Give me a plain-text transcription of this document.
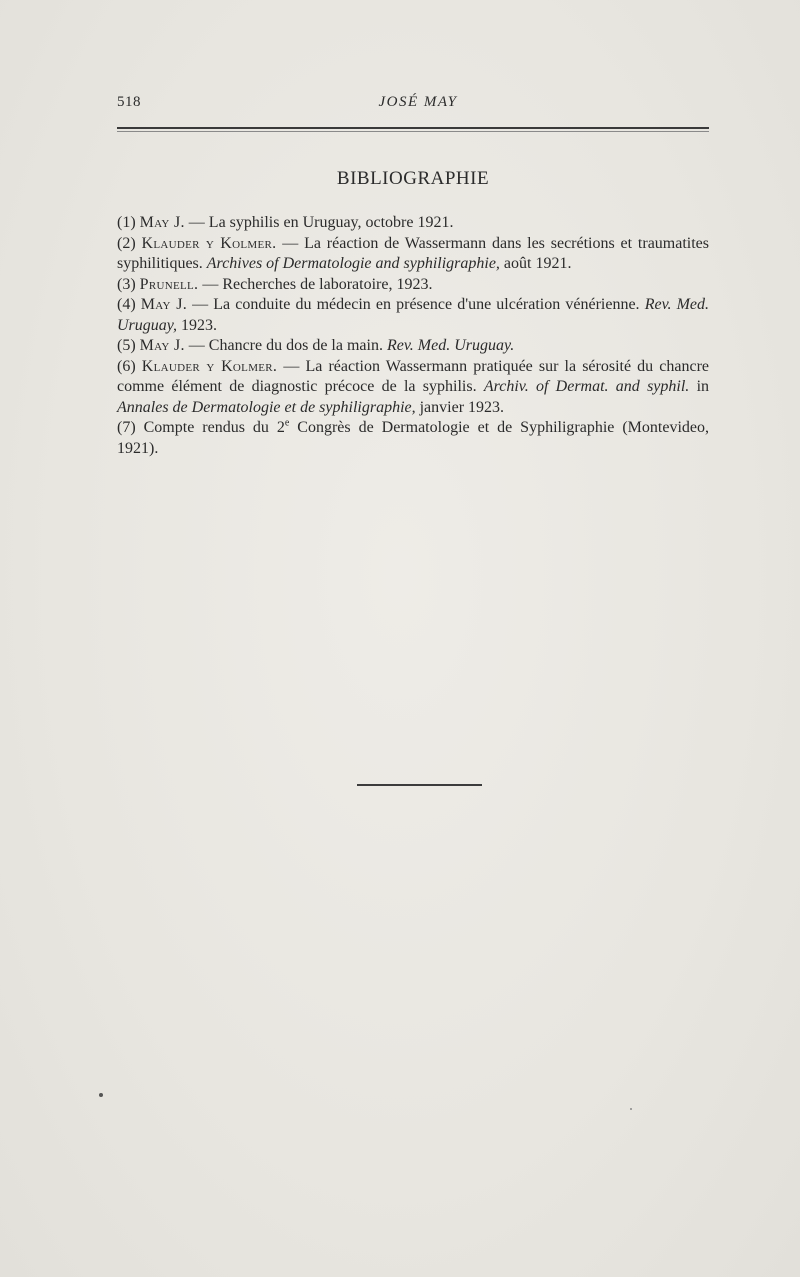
518	JOSÉ MAY
BIBLIOGRAPHIE

(1) May J. — La syphilis en Uruguay, octobre 1921.

(2) Klauder y Kolmer. — La réaction de Wassermann dans les secrétions et traumatites syphilitiques. Archives of Dermatologie and syphiligraphie, août 1921.

(3) Prunell. — Recherches de laboratoire, 1923.

(4) May J. — La conduite du médecin en présence d'une ulcération vénérienne. Rev. Med. Uruguay, 1923.

(5) May J. — Chancre du dos de la main. Rev. Med. Uruguay.

(6) Klauder y Kolmer. — La réaction Wassermann pratiquée sur la sérosité du chancre comme élément de diagnostic précoce de la syphilis. Archiv. of Dermat. and syphil. in Annales de Dermatologie et de syphiligraphie, janvier 1923.

(7) Compte rendus du 2e Congrès de Dermatologie et de Syphiligraphie (Montevideo, 1921).
